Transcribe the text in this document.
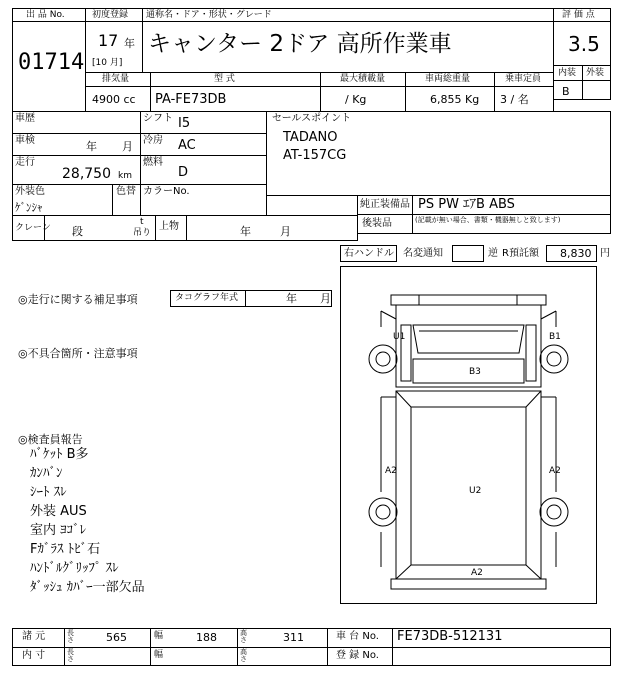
出 品 No.
01714
初度登録
17 年
[10 月]
通称名・ドア・形状・グレード
キャンター 2ドア 高所作業車
評 価 点
3.5
内装 外装
B
排気量
4900 cc
型 式
PA-FE73DB
最大積載量
/ Kg
車両総重量
6,855 Kg
乗車定員
3 / 名
車歴	シフト I5
車検	年 月 冷房 AC
走行
28,750 km
燃料
D
外装色
ｹﾞﾝｼｬ
色替 カラーNo.
セールスポイント
TADANO
AT-157CG
純正装備品 PS PW ｴｱB ABS
後装品	(記載が無い場合、書類・機器無しと致します)
クレーン 段
t
吊り
上物	年	月
右ハンドル 名変通知	逆 R預託額 8,830 円
◎走行に関する補足事項	タコグラフ年式	年 月
◎不具合箇所・注意事項
◎検査員報告
ﾊﾞｹｯﾄ B多
ｶﾝﾊﾞﾝ
ｼｰﾄ ｽﾚ
外装 AUS
室内 ﾖｺﾞﾚ
Fｶﾞﾗｽ ﾄﾋﾞ石
ﾊﾝﾄﾞﾙｸﾞﾘｯﾌﾟ ｽﾚ
ﾀﾞｯｼｭ ｶﾊﾞｰ一部欠品
U1	B1
B3
A2	A2
U2
A2
諸 元	長さ	565	幅	188	高さ	311	車 台 No. FE73DB-512131
内 寸	長さ	幅	高さ	登 録 No.
